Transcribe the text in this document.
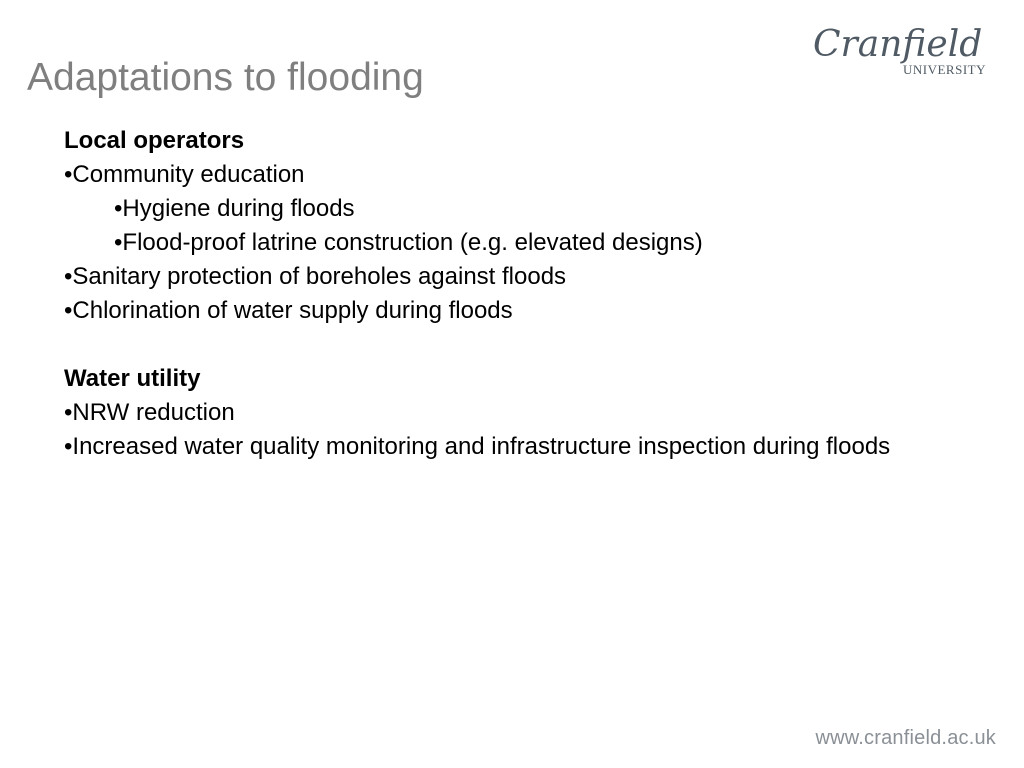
Adaptations to flooding
Cranfield
UNIVERSITY
Local operators
•Community education
•Hygiene during floods
•Flood-proof latrine construction (e.g. elevated designs)
•Sanitary protection of boreholes against floods
•Chlorination of water supply during floods
Water utility
•NRW reduction
•Increased water quality monitoring and infrastructure inspection during floods
www.cranfield.ac.uk
